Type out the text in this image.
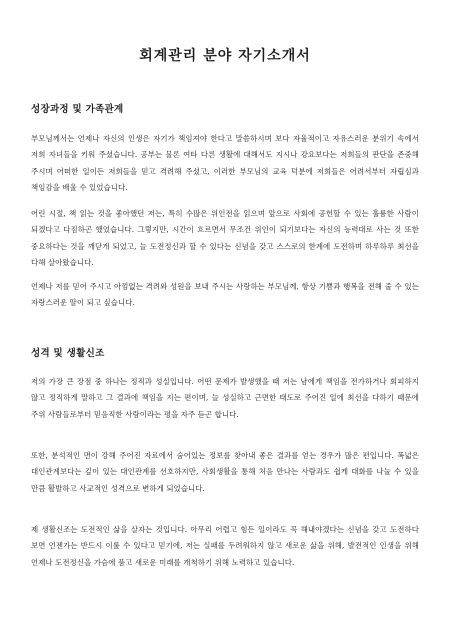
회계관리 분야 자기소개서
성장과정 및 가족관계

부모님께서는 언제나 자신의 인생은 자기가 책임져야 한다고 말씀하시며 보다 자율적이고 자유스러운 분위기 속에서 저희 자녀들을 키워 주셨습니다. 공부는 물론 여타 다른 생활에 대해서도 지시나 강요보다는 저희들의 판단을 존중해 주시며 어떠한 일이든 저희들을 믿고 격려해 주셨고, 이러한 부모님의 교육 덕분에 저희들은 어려서부터 자립심과 책임감을 배울 수 있었습니다.

어린 시절, 책 읽는 것을 좋아했던 저는, 특히 수많은 위인전을 읽으며 앞으로 사회에 공헌할 수 있는 훌륭한 사람이 되겠다고 다짐하곤 했었습니다. 그렇지만, 시간이 흐르면서 무조건 위인이 되기보다는 자신의 능력대로 사는 것 또한 중요하다는 것을 깨닫게 되었고, 늘 도전정신과 할 수 있다는 신념을 갖고 스스로의 한계에 도전하며 하루하루 최선을 다해 살아왔습니다.

언제나 저를 믿어 주시고 아낌없는 격려와 성원을 보내 주시는 사랑하는 부모님께, 항상 기쁨과 행복을 전해 줄 수 있는 자랑스러운 딸이 되고 싶습니다.

성격 및 생활신조

저의 가장 큰 장점 중 하나는 정직과 성실입니다. 어떤 문제가 발생했을 때 저는 남에게 책임을 전가하거나 회피하지 않고 정직하게 말하고 그 결과에 책임을 지는 편이며, 늘 성실하고 근면한 태도로 주어진 일에 최선을 다하기 때문에 주위 사람들로부터 믿음직한 사람이라는 평을 자주 듣곤 합니다.

또한, 분석적인 면이 강해 주어진 자료에서 숨어있는 정보를 찾아내 좋은 결과를 얻는 경우가 많은 편입니다. 폭넓은 대인관계보다는 깊이 있는 대인관계를 선호하지만, 사회생활을 통해 처음 만나는 사람과도 쉽게 대화를 나눌 수 있을 만큼 활발하고 사교적인 성격으로 변하게 되었습니다.

제 생활신조는 도전적인 삶을 살자는 것입니다. 아무리 어렵고 힘든 일이라도 꼭 해내야겠다는 신념을 갖고 도전하다 보면 언젠가는 반드시 이룰 수 있다고 믿기에, 저는 실패를 두려워하지 않고 새로운 삶을 위해, 발전적인 인생을 위해 언제나 도전정신을 가슴에 품고 새로운 미래를 개척하기 위해 노력하고 있습니다.
